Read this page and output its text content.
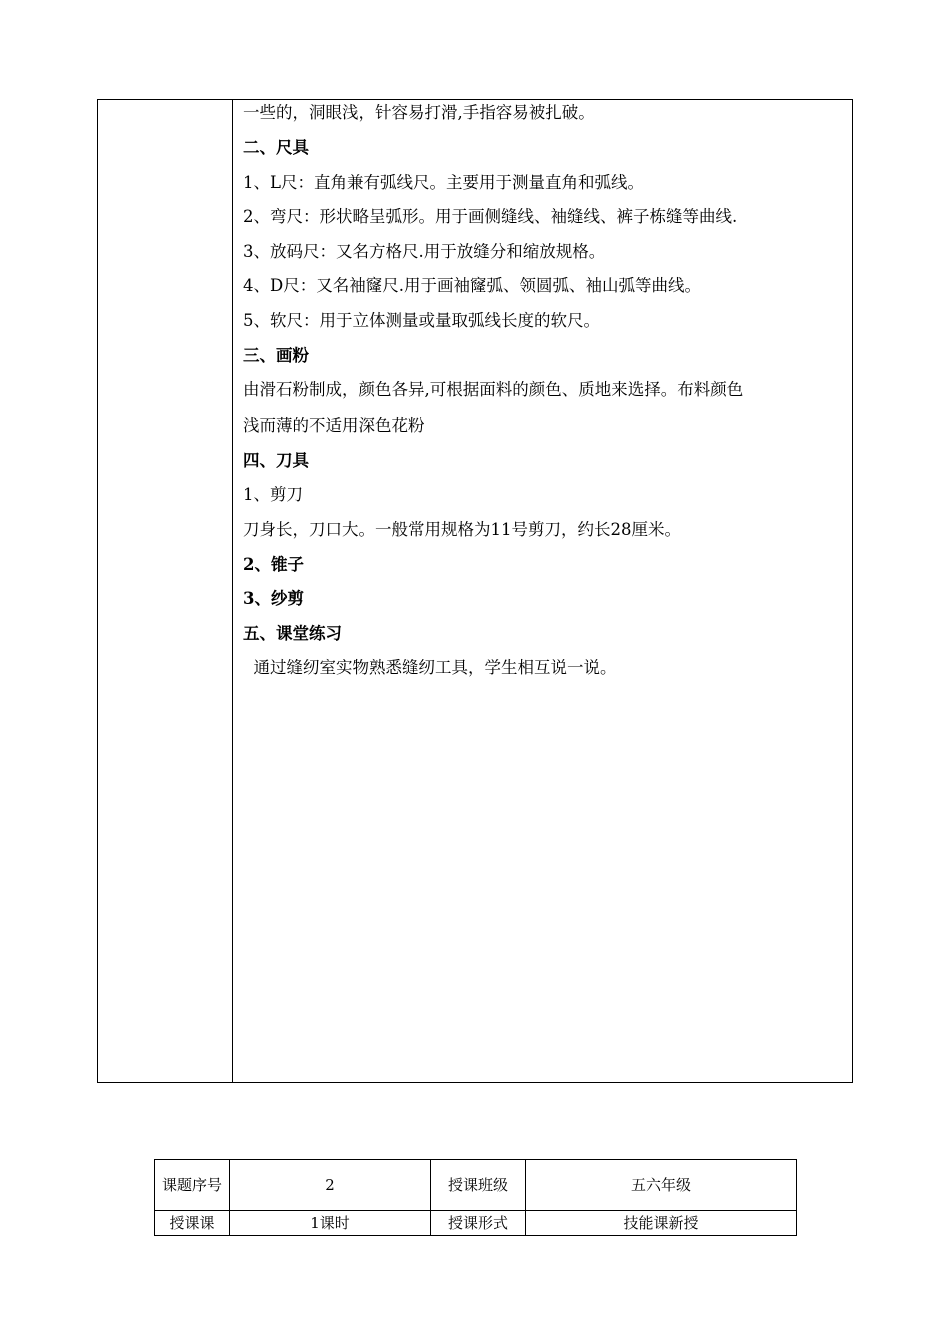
一些的，洞眼浅，针容易打滑,手指容易被扎破。
二、尺具
1、L尺：直角兼有弧线尺。主要用于测量直角和弧线。
2、弯尺：形状略呈弧形。用于画侧缝线、袖缝线、裤子栋缝等曲线.
3、放码尺：又名方格尺.用于放缝分和缩放规格。
4、D尺：又名袖窿尺.用于画袖窿弧、领圆弧、袖山弧等曲线。
5、软尺：用于立体测量或量取弧线长度的软尺。
三、画粉
由滑石粉制成，颜色各异,可根据面料的颜色、质地来选择。布料颜色
浅而薄的不适用深色花粉
四、刀具
1、剪刀
刀身长，刀口大。一般常用规格为11号剪刀，约长28厘米。
2、锥子
3、纱剪
五、课堂练习
通过缝纫室实物熟悉缝纫工具，学生相互说一说。
课题序号	2	授课班级	五六年级
授课课	1课时	授课形式	技能课新授
